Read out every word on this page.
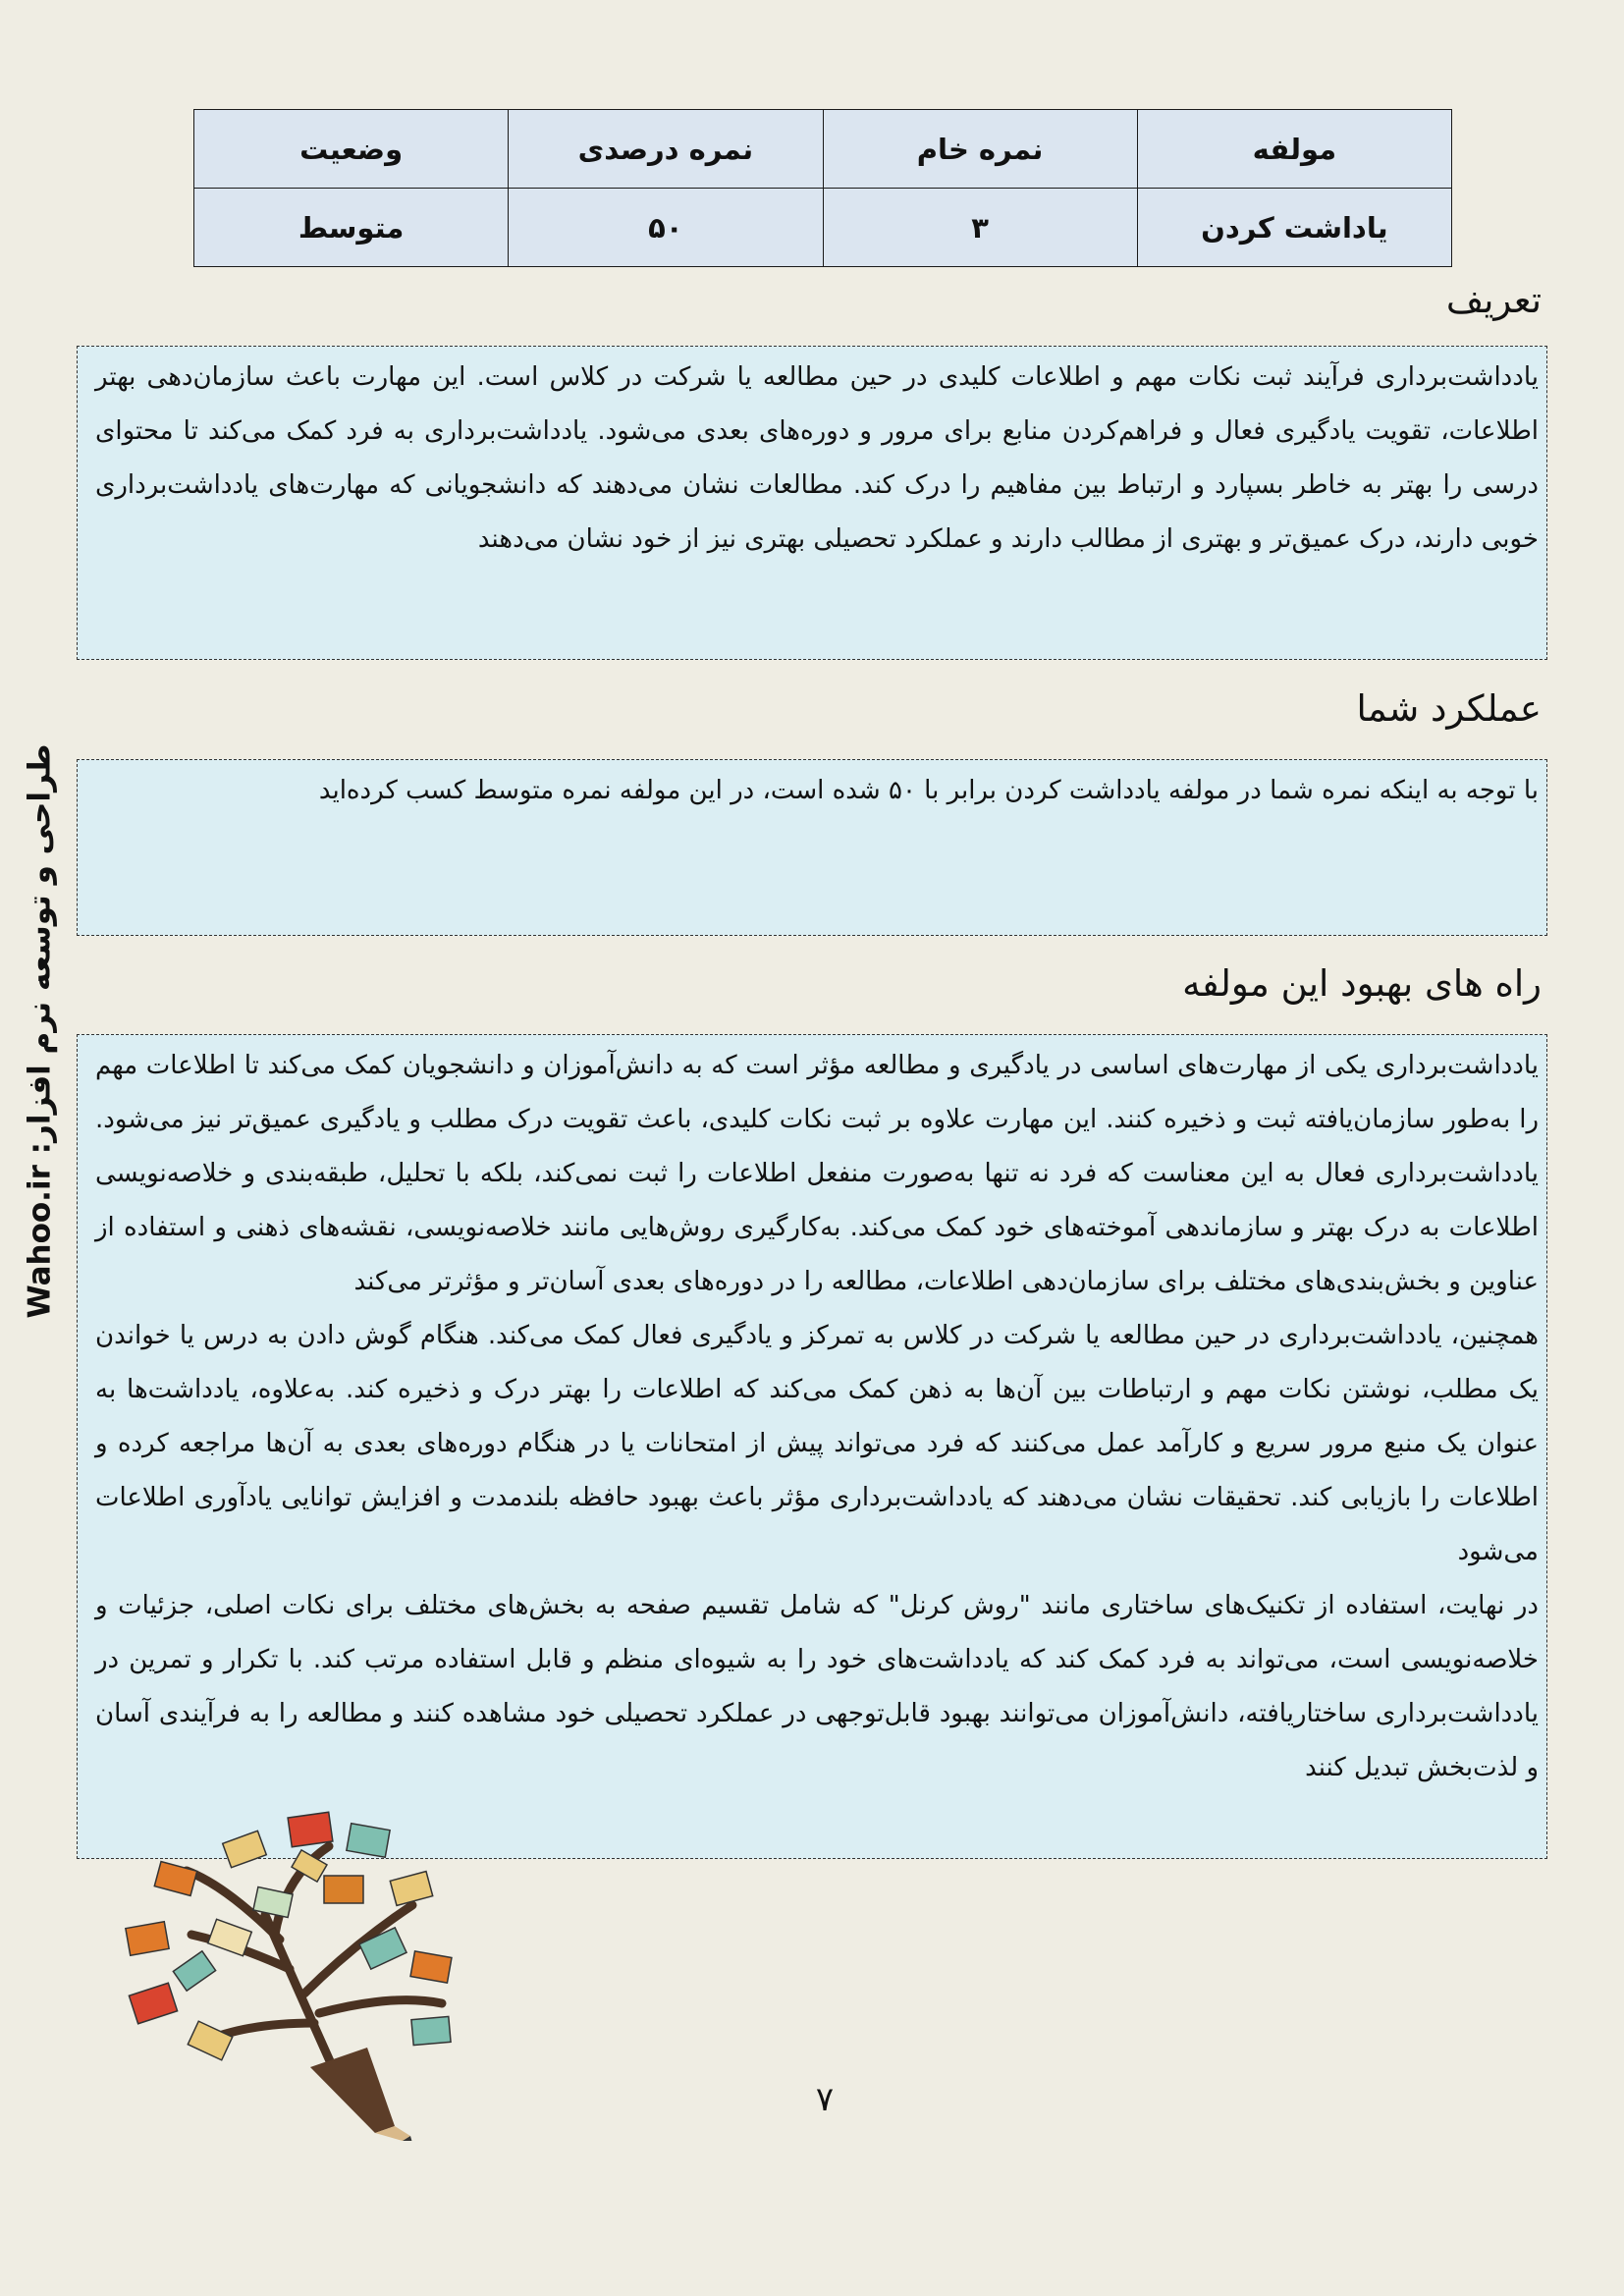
مولفه	نمره خام	نمره درصدی	وضعیت
یاداشت کردن	۳	۵۰	متوسط
تعریف

یادداشت‌برداری فرآیند ثبت نکات مهم و اطلاعات کلیدی در حین مطالعه یا شرکت در کلاس است. این مهارت باعث سازمان‌دهی بهتر اطلاعات، تقویت یادگیری فعال و فراهم‌کردن منابع برای مرور و دوره‌های بعدی می‌شود. یادداشت‌برداری به فرد کمک می‌کند تا محتوای درسی را بهتر به خاطر بسپارد و ارتباط بین مفاهیم را درک کند. مطالعات نشان می‌دهند که دانشجویانی که مهارت‌های یادداشت‌برداری خوبی دارند، درک عمیق‌تر و بهتری از مطالب دارند و عملکرد تحصیلی بهتری نیز از خود نشان می‌دهند

عملکرد شما

با توجه به اینکه نمره شما در مولفه یادداشت کردن برابر با ۵۰ شده است، در این مولفه نمره متوسط کسب کرده‌اید

راه های بهبود این مولفه

یادداشت‌برداری یکی از مهارت‌های اساسی در یادگیری و مطالعه مؤثر است که به دانش‌آموزان و دانشجویان کمک می‌کند تا اطلاعات مهم را به‌طور سازمان‌یافته ثبت و ذخیره کنند. این مهارت علاوه بر ثبت نکات کلیدی، باعث تقویت درک مطلب و یادگیری عمیق‌تر نیز می‌شود. یادداشت‌برداری فعال به این معناست که فرد نه تنها به‌صورت منفعل اطلاعات را ثبت نمی‌کند، بلکه با تحلیل، طبقه‌بندی و خلاصه‌نویسی اطلاعات به درک بهتر و سازماندهی آموخته‌های خود کمک می‌کند. به‌کارگیری روش‌هایی مانند خلاصه‌نویسی، نقشه‌های ذهنی و استفاده از عناوین و بخش‌بندی‌های مختلف برای سازمان‌دهی اطلاعات، مطالعه را در دوره‌های بعدی آسان‌تر و مؤثرتر می‌کند

همچنین، یادداشت‌برداری در حین مطالعه یا شرکت در کلاس به تمرکز و یادگیری فعال کمک می‌کند. هنگام گوش دادن به درس یا خواندن یک مطلب، نوشتن نکات مهم و ارتباطات بین آن‌ها به ذهن کمک می‌کند که اطلاعات را بهتر درک و ذخیره کند. به‌علاوه، یادداشت‌ها به عنوان یک منبع مرور سریع و کارآمد عمل می‌کنند که فرد می‌تواند پیش از امتحانات یا در هنگام دوره‌های بعدی به آن‌ها مراجعه کرده و اطلاعات را بازیابی کند. تحقیقات نشان می‌دهند که یادداشت‌برداری مؤثر باعث بهبود حافظه بلندمدت و افزایش توانایی یادآوری اطلاعات می‌شود

در نهایت، استفاده از تکنیک‌های ساختاری مانند "روش کرنل" که شامل تقسیم صفحه به بخش‌های مختلف برای نکات اصلی، جزئیات و خلاصه‌نویسی است، می‌تواند به فرد کمک کند که یادداشت‌های خود را به شیوه‌ای منظم و قابل استفاده مرتب کند. با تکرار و تمرین در یادداشت‌برداری ساختاریافته، دانش‌آموزان می‌توانند بهبود قابل‌توجهی در عملکرد تحصیلی خود مشاهده کنند و مطالعه را به فرآیندی آسان و لذت‌بخش تبدیل کنند

طراحی و توسعه نرم افزار: Wahoo.ir
۷
